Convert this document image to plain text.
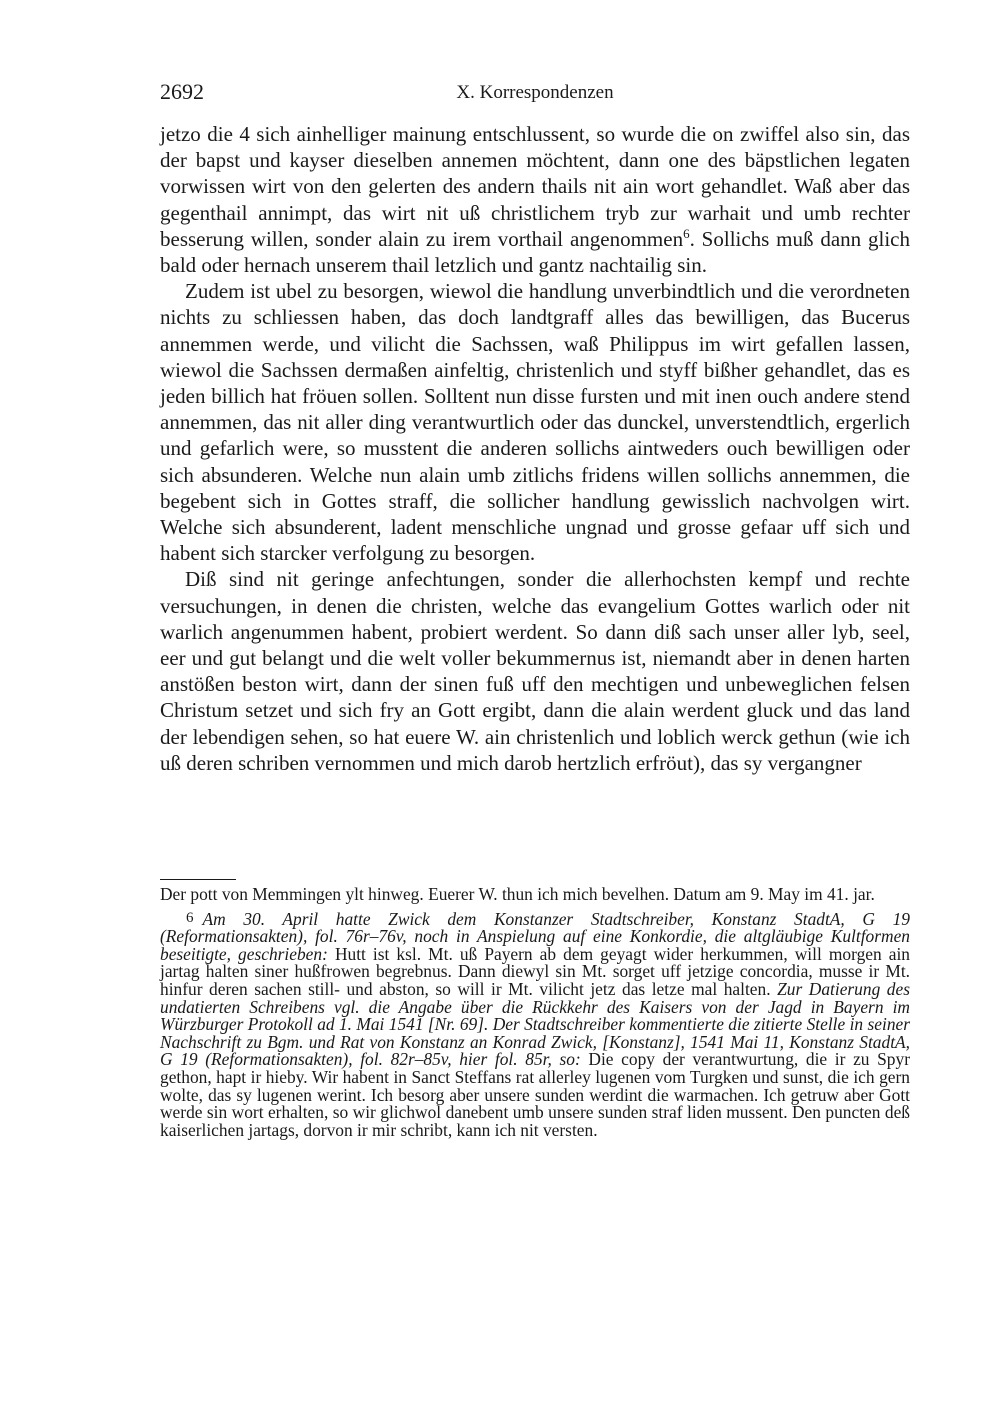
2692	X. Korrespondenzen

jetzo die 4 sich ainhelliger mainung entschlussent, so wurde die on zwiffel also sin, das der bapst und kayser dieselben annemen möchtent, dann one des bäpstlichen legaten vorwissen wirt von den gelerten des andern thails nit ain wort gehandlet. Waß aber das gegenthail annimpt, das wirt nit uß christlichem tryb zur warhait und umb rechter besserung willen, sonder alain zu irem vorthail angenommen$^6$. Sollichs muß dann glich bald oder hernach unserem thail letzlich und gantz nachtailig sin.

Zudem ist ubel zu besorgen, wiewol die handlung unverbindtlich und die verordneten nichts zu schliessen haben, das doch landtgraff alles das bewilligen, das Bucerus annemmen werde, und vilicht die Sachssen, waß Philippus im wirt gefallen lassen, wiewol die Sachssen dermaßen ainfeltig, christenlich und styff bißher gehandlet, das es jeden billich hat fröuen sollen. Solltent nun disse fursten und mit inen ouch andere stend annemmen, das nit aller ding verantwurtlich oder das dunckel, unverstendtlich, ergerlich und gefarlich were, so musstent die anderen sollichs aintweders ouch bewilligen oder sich absunderen. Welche nun alain umb zitlichs fridens willen sollichs annemmen, die begebent sich in Gottes straff, die sollicher handlung gewisslich nachvolgen wirt. Welche sich absunderent, ladent menschliche ungnad und grosse gefaar uff sich und habent sich starcker verfolgung zu besorgen.

Diß sind nit geringe anfechtungen, sonder die allerhochsten kempf und rechte versuchungen, in denen die christen, welche das evangelium Gottes warlich oder nit warlich angenummen habent, probiert werdent. So dann diß sach unser aller lyb, seel, eer und gut belangt und die welt voller bekummernus ist, niemandt aber in denen harten anstößen beston wirt, dann der sinen fuß uff den mechtigen und unbeweglichen felsen Christum setzet und sich fry an Gott ergibt, dann die alain werdent gluck und das land der lebendigen sehen, so hat euere W. ain christenlich und loblich werck gethun (wie ich uß deren schriben vernommen und mich darob hertzlich erfröut), das sy vergangner

Der pott von Memmingen ylt hinweg. Euerer W. thun ich mich bevelhen. Datum am 9. May im 41. jar.

6 Am 30. April hatte Zwick dem Konstanzer Stadtschreiber, Konstanz StadtA, G 19 (Reformationsakten), fol. 76r–76v, noch in Anspielung auf eine Konkordie, die altgläubige Kultformen beseitigte, geschrieben: Hutt ist ksl. Mt. uß Payern ab dem geyagt wider herkummen, will morgen ain jartag halten siner hußfrowen begrebnus. Dann diewyl sin Mt. sorget uff jetzige concordia, musse ir Mt. hinfur deren sachen still- und abston, so will ir Mt. vilicht jetz das letze mal halten. Zur Datierung des undatierten Schreibens vgl. die Angabe über die Rückkehr des Kaisers von der Jagd in Bayern im Würzburger Protokoll ad 1. Mai 1541 [Nr. 69]. Der Stadtschreiber kommentierte die zitierte Stelle in seiner Nachschrift zu Bgm. und Rat von Konstanz an Konrad Zwick, [Konstanz], 1541 Mai 11, Konstanz StadtA, G 19 (Reformationsakten), fol. 82r–85v, hier fol. 85r, so: Die copy der verantwurtung, die ir zu Spyr gethon, hapt ir hieby. Wir habent in Sanct Steffans rat allerley lugenen vom Turgken und sunst, die ich gern wolte, das sy lugenen werint. Ich besorg aber unsere sunden werdint die warmachen. Ich getruw aber Gott werde sin wort erhalten, so wir glichwol danebent umb unsere sunden straf liden mussent. Den puncten deß kaiserlichen jartags, dorvon ir mir schribt, kann ich nit versten.
